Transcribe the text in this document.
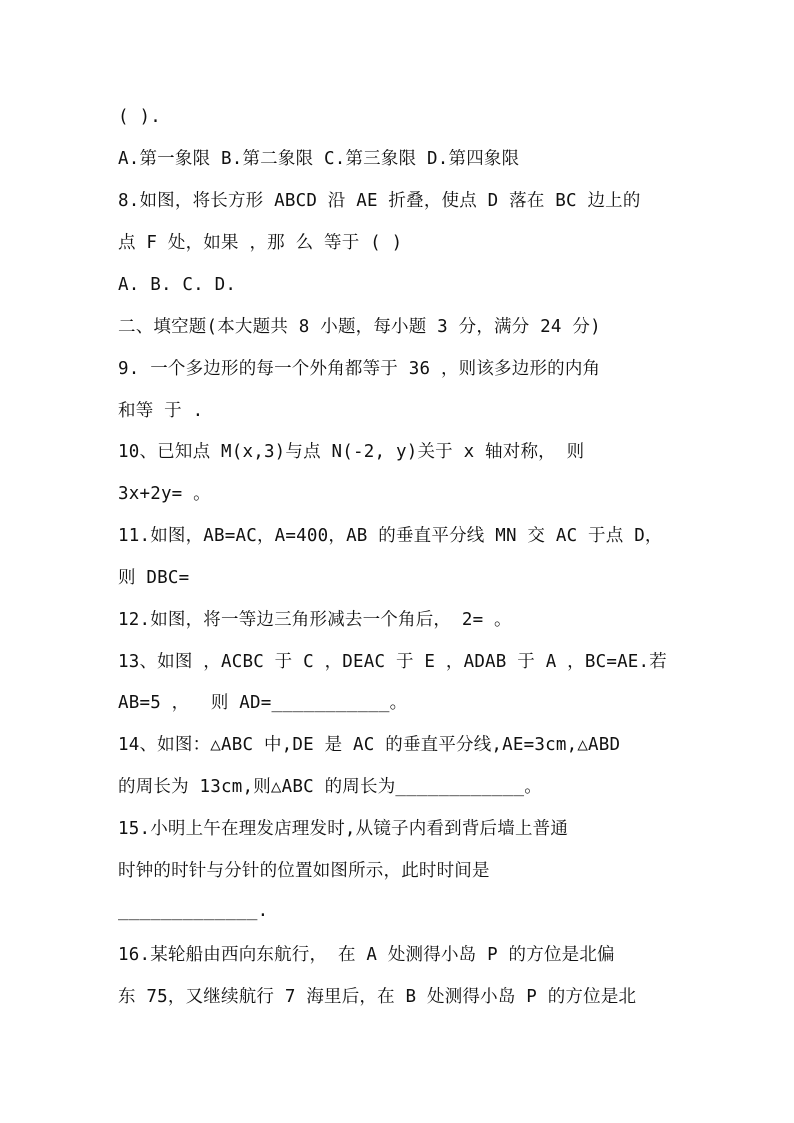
( ).
A.第一象限 B.第二象限 C.第三象限 D.第四象限
8.如图，将长方形 ABCD 沿 AE 折叠，使点 D 落在 BC 边上的
点 F 处，如果 ，那 么 等于 ( )
A. B. C. D.
二、填空题(本大题共 8 小题，每小题 3 分，满分 24 分)
9. 一个多边形的每一个外角都等于 36 ，则该多边形的内角
和等 于 .
10、已知点 M(x,3)与点 N(-2, y)关于 x 轴对称， 则
3x+2y= 。
11.如图，AB=AC，A=400，AB 的垂直平分线 MN 交 AC 于点 D，
则 DBC=
12.如图，将一等边三角形减去一个角后， 2= 。
13、如图 ，ACBC 于 C ，DEAC 于 E ，ADAB 于 A ，BC=AE.若
AB=5 ，  则 AD=___________。
14、如图：△ABC 中,DE 是 AC 的垂直平分线,AE=3cm,△ABD
的周长为 13cm,则△ABC 的周长为____________。
15.小明上午在理发店理发时,从镜子内看到背后墙上普通
时钟的时针与分针的位置如图所示，此时时间是
_____________.
16.某轮船由西向东航行， 在 A 处测得小岛 P 的方位是北偏
东 75，又继续航行 7 海里后，在 B 处测得小岛 P 的方位是北
